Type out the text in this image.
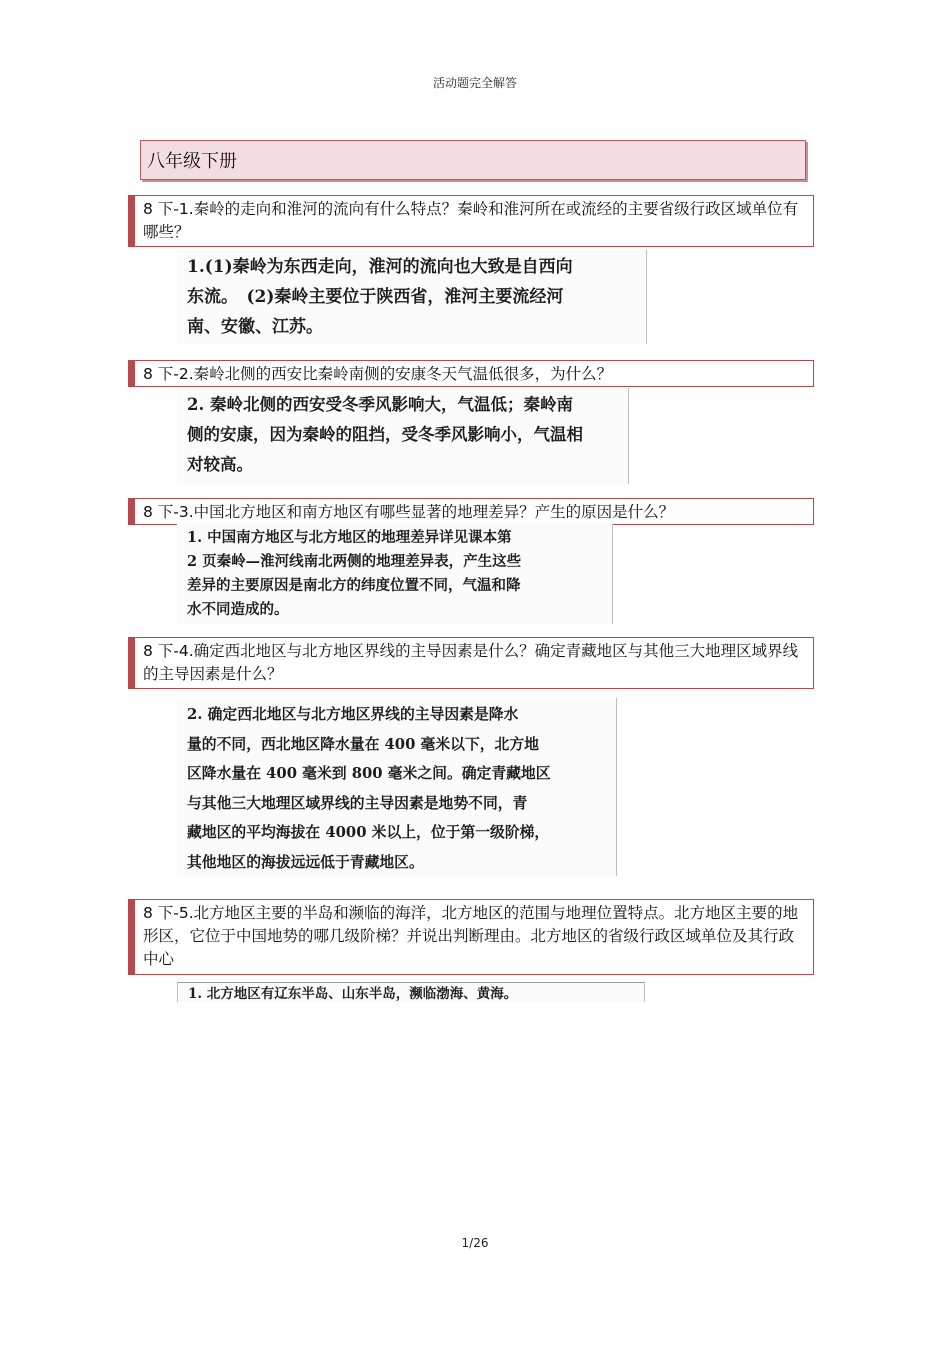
活动题完全解答
八年级下册
8 下-1.秦岭的走向和淮河的流向有什么特点？秦岭和淮河所在或流经的主要省级行政区域单位有哪些？
1.(1)秦岭为东西走向，淮河的流向也大致是自西向
东流。　(2)秦岭主要位于陕西省，淮河主要流经河
南、安徽、江苏。
8 下-2.秦岭北侧的西安比秦岭南侧的安康冬天气温低很多，为什么？
2. 秦岭北侧的西安受冬季风影响大，气温低；秦岭南
侧的安康，因为秦岭的阻挡，受冬季风影响小，气温相
对较高。
8 下-3.中国北方地区和南方地区有哪些显著的地理差异？产生的原因是什么？
1. 中国南方地区与北方地区的地理差异详见课本第
2 页秦岭—淮河线南北两侧的地理差异表，产生这些
差异的主要原因是南北方的纬度位置不同，气温和降
水不同造成的。
8 下-4.确定西北地区与北方地区界线的主导因素是什么？确定青藏地区与其他三大地理区域界线的主导因素是什么？
2. 确定西北地区与北方地区界线的主导因素是降水
量的不同，西北地区降水量在 400 毫米以下，北方地
区降水量在 400 毫米到 800 毫米之间。确定青藏地区
与其他三大地理区域界线的主导因素是地势不同，青
藏地区的平均海拔在 4000 米以上，位于第一级阶梯，
其他地区的海拔远远低于青藏地区。
8 下-5.北方地区主要的半岛和濒临的海洋，北方地区的范围与地理位置特点。北方地区主要的地形区，它位于中国地势的哪几级阶梯？并说出判断理由。北方地区的省级行政区域单位及其行政中心
1. 北方地区有辽东半岛、山东半岛，濒临渤海、黄海。
1/26
